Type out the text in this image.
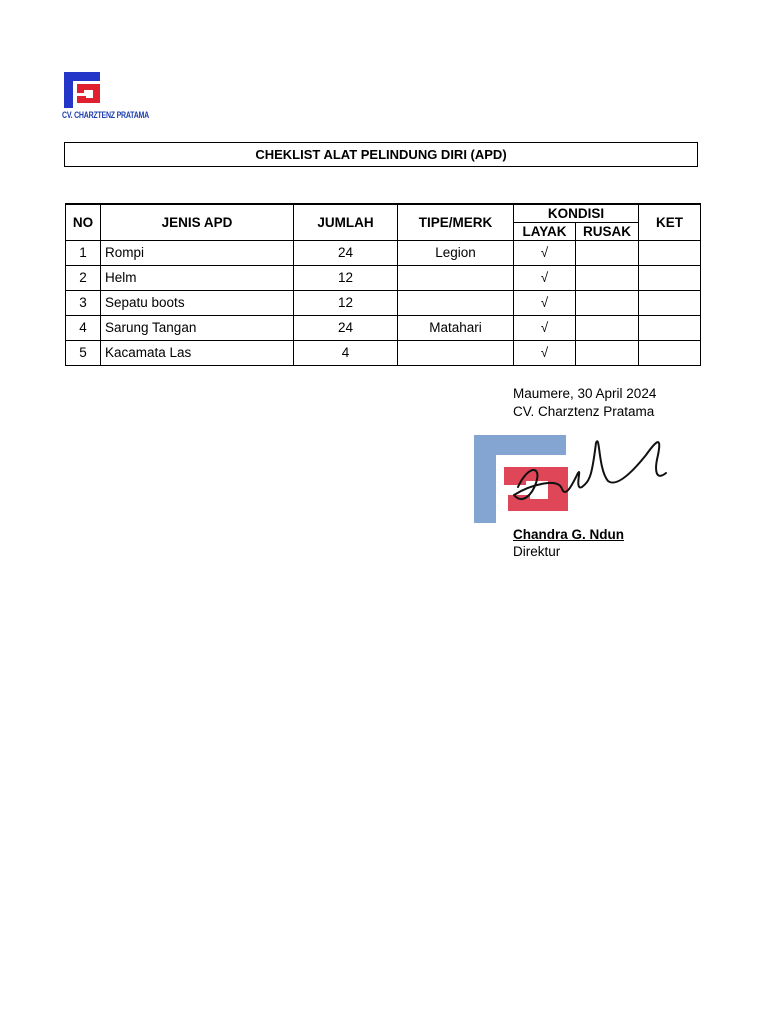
CV. CHARZTENZ PRATAMA
CHEKLIST ALAT PELINDUNG DIRI (APD)
NO	JENIS APD	JUMLAH	TIPE/MERK	KONDISI		KET
				LAYAK	RUSAK	
1	Rompi	24	Legion	√		
2	Helm	12		√		
3	Sepatu boots	12		√		
4	Sarung Tangan	24	Matahari	√		
5	Kacamata Las	4		√		
Maumere, 30 April 2024
CV. Charztenz Pratama
Chandra G. Ndun
Direktur
